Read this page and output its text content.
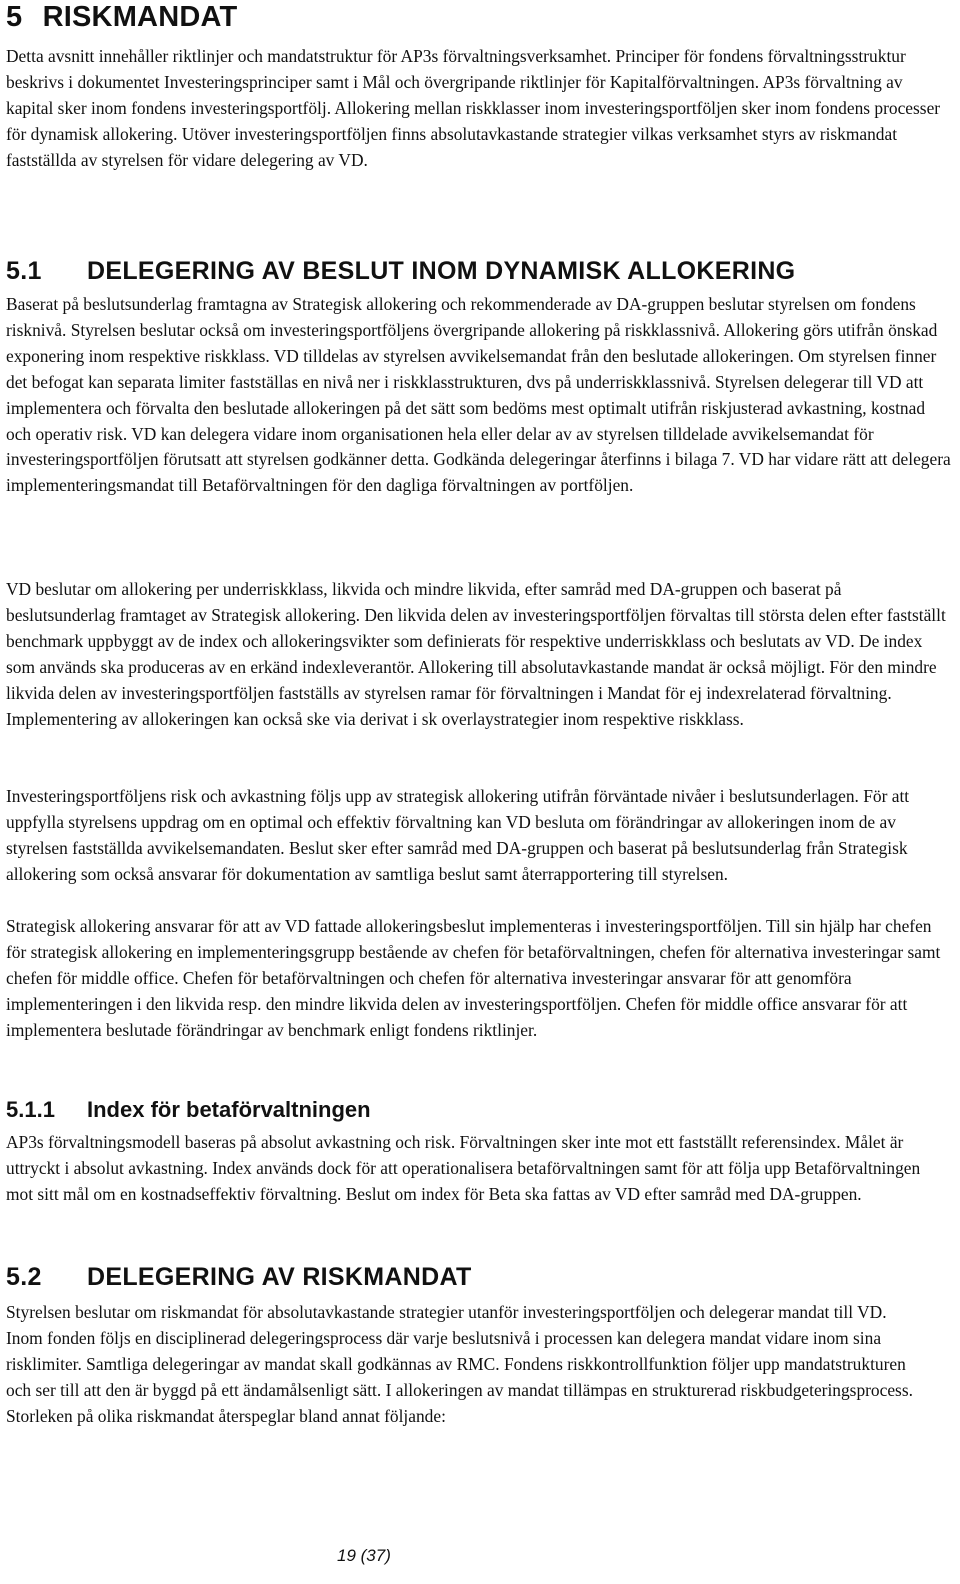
5 RISKMANDAT

Detta avsnitt innehåller riktlinjer och mandatstruktur för AP3s förvaltningsverksamhet. Principer för fondens förvaltningsstruktur beskrivs i dokumentet Investeringsprinciper samt i Mål och övergripande riktlinjer för Kapitalförvaltningen. AP3s förvaltning av kapital sker inom fondens investeringsportfölj. Allokering mellan riskklasser inom investeringsportföljen sker inom fondens processer för dynamisk allokering. Utöver investeringsportföljen finns absolutavkastande strategier vilkas verksamhet styrs av riskmandat fastställda av styrelsen för vidare delegering av VD.

5.1	DELEGERING AV BESLUT INOM DYNAMISK ALLOKERING

Baserat på beslutsunderlag framtagna av Strategisk allokering och rekommenderade av DA-gruppen beslutar styrelsen om fondens risknivå. Styrelsen beslutar också om investeringsportföljens övergripande allokering på riskklassnivå. Allokering görs utifrån önskad exponering inom respektive riskklass. VD tilldelas av styrelsen avvikelsemandat från den beslutade allokeringen. Om styrelsen finner det befogat kan separata limiter fastställas en nivå ner i riskklasstrukturen, dvs på underriskklassnivå. Styrelsen delegerar till VD att implementera och förvalta den beslutade allokeringen på det sätt som bedöms mest optimalt utifrån riskjusterad avkastning, kostnad och operativ risk. VD kan delegera vidare inom organisationen hela eller delar av av styrelsen tilldelade avvikelsemandat för investeringsportföljen förutsatt att styrelsen godkänner detta. Godkända delegeringar återfinns i bilaga 7. VD har vidare rätt att delegera implementeringsmandat till Betaförvaltningen för den dagliga förvaltningen av portföljen.

VD beslutar om allokering per underriskklass, likvida och mindre likvida, efter samråd med DA-gruppen och baserat på beslutsunderlag framtaget av Strategisk allokering. Den likvida delen av investeringsportföljen förvaltas till största delen efter fastställt benchmark uppbyggt av de index och allokeringsvikter som definierats för respektive underriskklass och beslutats av VD. De index som används ska produceras av en erkänd indexleverantör. Allokering till absolutavkastande mandat är också möjligt. För den mindre likvida delen av investeringsportföljen fastställs av styrelsen ramar för förvaltningen i Mandat för ej indexrelaterad förvaltning. Implementering av allokeringen kan också ske via derivat i sk overlaystrategier inom respektive riskklass.

Investeringsportföljens risk och avkastning följs upp av strategisk allokering utifrån förväntade nivåer i beslutsunderlagen. För att uppfylla styrelsens uppdrag om en optimal och effektiv förvaltning kan VD besluta om förändringar av allokeringen inom de av styrelsen fastställda avvikelsemandaten. Beslut sker efter samråd med DA-gruppen och baserat på beslutsunderlag från Strategisk allokering som också ansvarar för dokumentation av samtliga beslut samt återrapportering till styrelsen.

Strategisk allokering ansvarar för att av VD fattade allokeringsbeslut implementeras i investeringsportföljen. Till sin hjälp har chefen för strategisk allokering en implementeringsgrupp bestående av chefen för betaförvaltningen, chefen för alternativa investeringar samt chefen för middle office. Chefen för betaförvaltningen och chefen för alternativa investeringar ansvarar för att genomföra implementeringen i den likvida resp. den mindre likvida delen av investeringsportföljen. Chefen för middle office ansvarar för att implementera beslutade förändringar av benchmark enligt fondens riktlinjer.

5.1.1	Index för betaförvaltningen

AP3s förvaltningsmodell baseras på absolut avkastning och risk. Förvaltningen sker inte mot ett fastställt referensindex. Målet är uttryckt i absolut avkastning. Index används dock för att operationalisera betaförvaltningen samt för att följa upp Betaförvaltningen mot sitt mål om en kostnadseffektiv förvaltning. Beslut om index för Beta ska fattas av VD efter samråd med DA-gruppen.

5.2	DELEGERING AV RISKMANDAT

Styrelsen beslutar om riskmandat för absolutavkastande strategier utanför investeringsportföljen och delegerar mandat till VD. Inom fonden följs en disciplinerad delegeringsprocess där varje beslutsnivå i processen kan delegera mandat vidare inom sina risklimiter. Samtliga delegeringar av mandat skall godkännas av RMC. Fondens riskkontrollfunktion följer upp mandatstrukturen och ser till att den är byggd på ett ändamålsenligt sätt. I allokeringen av mandat tillämpas en strukturerad riskbudgeteringsprocess. Storleken på olika riskmandat återspeglar bland annat följande:

19 (37)
